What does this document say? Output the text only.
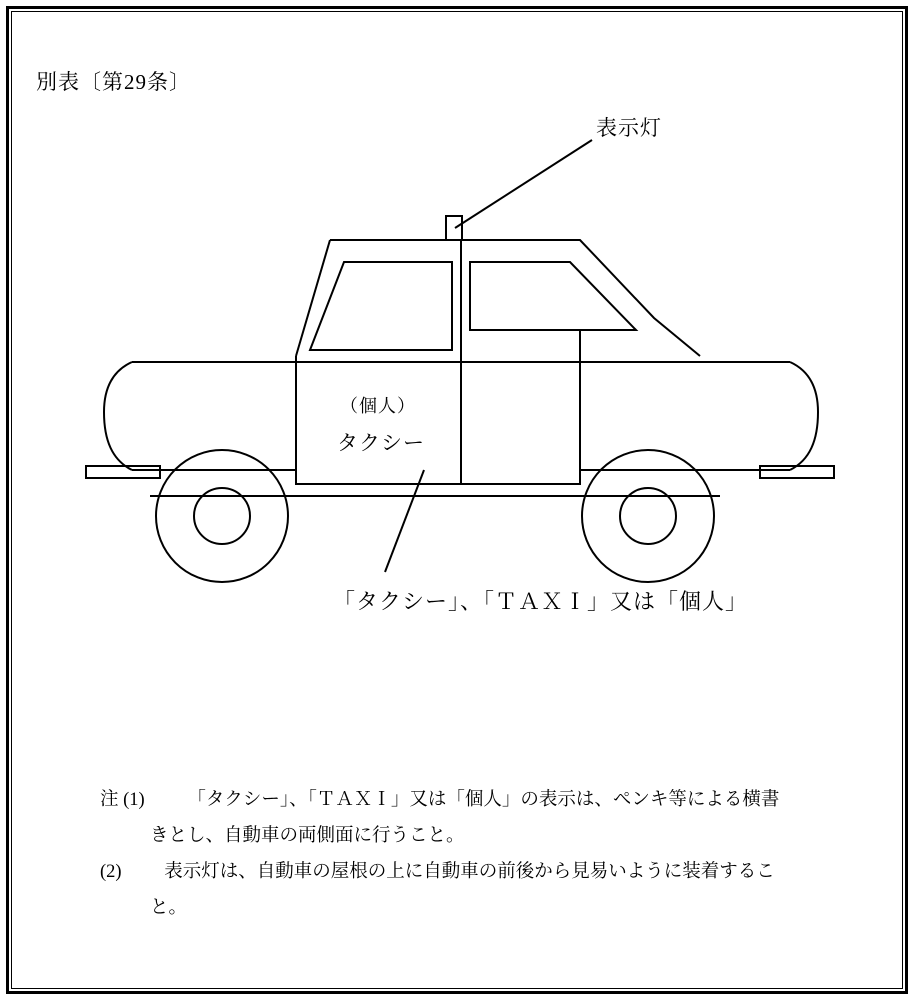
別表〔第29条〕
表示灯
（個人）
タクシー
「タクシー」、「ＴＡＸＩ」又は「個人」
注 (1) 「タクシー」、「ＴＡＸＩ」又は「個人」の表示は、ペンキ等による横書
きとし、自動車の両側面に行うこと。
(2) 表示灯は、自動車の屋根の上に自動車の前後から見易いように装着するこ
と。
